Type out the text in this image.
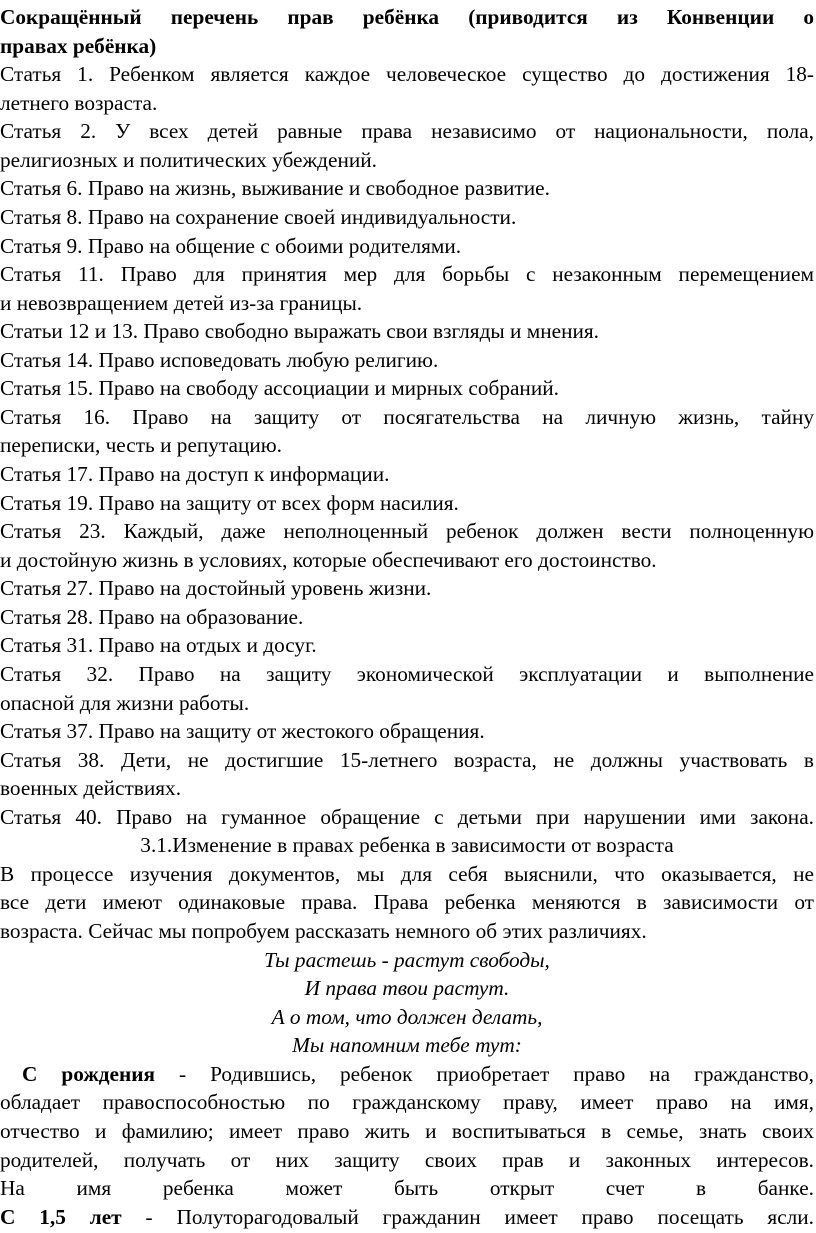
Сокращённый перечень прав ребёнка (приводится из Конвенции о
правах ребёнка)
Статья 1. Ребенком является каждое человеческое существо до достижения 18-
летнего возраста.
Статья 2. У всех детей равные права независимо от национальности, пола,
религиозных и политических убеждений.
Статья 6. Право на жизнь, выживание и свободное развитие.
Статья 8. Право на сохранение своей индивидуальности.
Статья 9. Право на общение с обоими родителями.
Статья 11. Право для принятия мер для борьбы с незаконным перемещением
и невозвращением детей из-за границы.
Статьи 12 и 13. Право свободно выражать свои взгляды и мнения.
Статья 14. Право исповедовать любую религию.
Статья 15. Право на свободу ассоциации и мирных собраний.
Статья 16. Право на защиту от посягательства на личную жизнь, тайну
переписки, честь и репутацию.
Статья 17. Право на доступ к информации.
Статья 19. Право на защиту от всех форм насилия.
Статья 23. Каждый, даже неполноценный ребенок должен вести полноценную
и достойную жизнь в условиях, которые обеспечивают его достоинство.
Статья 27. Право на достойный уровень жизни.
Статья 28. Право на образование.
Статья 31. Право на отдых и досуг.
Статья 32. Право на защиту экономической эксплуатации и выполнение
опасной для жизни работы.
Статья 37. Право на защиту от жестокого обращения.
Статья 38. Дети, не достигшие 15-летнего возраста, не должны участвовать в
военных действиях.
Статья 40. Право на гуманное обращение с детьми при нарушении ими закона.
3.1.Изменение в правах ребенка в зависимости от возраста
В процессе изучения документов, мы для себя выяснили, что оказывается, не
все дети имеют одинаковые права. Права ребенка меняются в зависимости от
возраста. Сейчас мы попробуем рассказать немного об этих различиях.
Ты растешь - растут свободы,
И права твои растут.
А о том, что должен делать,
Мы напомним тебе тут:
С рождения - Родившись, ребенок приобретает право на гражданство,
обладает правоспособностью по гражданскому праву, имеет право на имя,
отчество и фамилию; имеет право жить и воспитываться в семье, знать своих
родителей, получать от них защиту своих прав и законных интересов.
На имя ребенка может быть открыт счет в банке.
С 1,5 лет - Полуторагодовалый гражданин имеет право посещать ясли.
